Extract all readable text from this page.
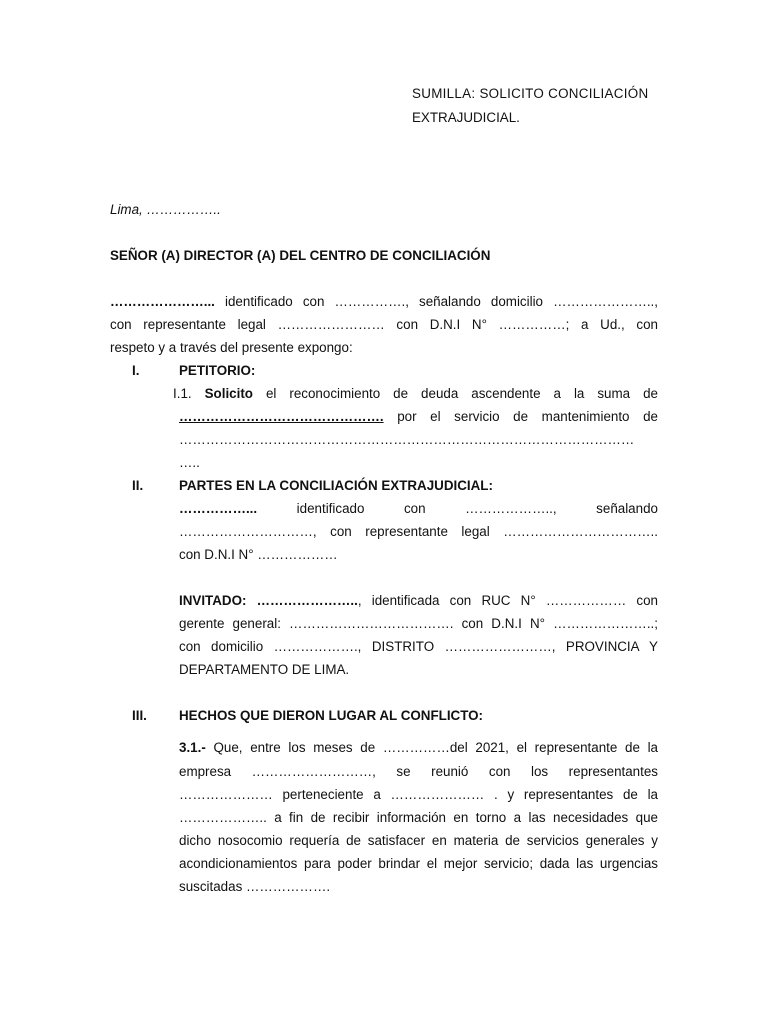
SUMILLA: SOLICITO CONCILIACIÓN
EXTRAJUDICIAL.
Lima, ……………..
SEÑOR (A) DIRECTOR (A) DEL CENTRO DE CONCILIACIÓN
…………………... identificado con ……………., señalando domicilio …………………..,
con representante legal …………………… con D.N.I N° ……………; a Ud., con
respeto y a través del presente expongo:
I.	PETITORIO:
I.1. Solicito el reconocimiento de deuda ascendente a la suma de
………………………………………. por el servicio de mantenimiento de
…………………………………………………………………………………………
…..
II.	PARTES EN LA CONCILIACIÓN EXTRAJUDICIAL:
……………...	identificado	con	………………..,	señalando
…………………………, con representante legal ……………………………..
con D.N.I N° ………………
INVITADO: ………………….., identificada con RUC N° ……………… con
gerente general: ………………………………. con D.N.I N° …………………..;
con domicilio ………………., DISTRITO ……………………, PROVINCIA Y
DEPARTAMENTO DE LIMA.
III. HECHOS QUE DIERON LUGAR AL CONFLICTO:
3.1.- Que, entre los meses de ……………del 2021, el representante de la
empresa ………………………, se reunió con los representantes
………………… perteneciente a ………………… . y representantes de la
……………….. a fin de recibir información en torno a las necesidades que
dicho nosocomio requería de satisfacer en materia de servicios generales y
acondicionamientos para poder brindar el mejor servicio; dada las urgencias
suscitadas ……………….
